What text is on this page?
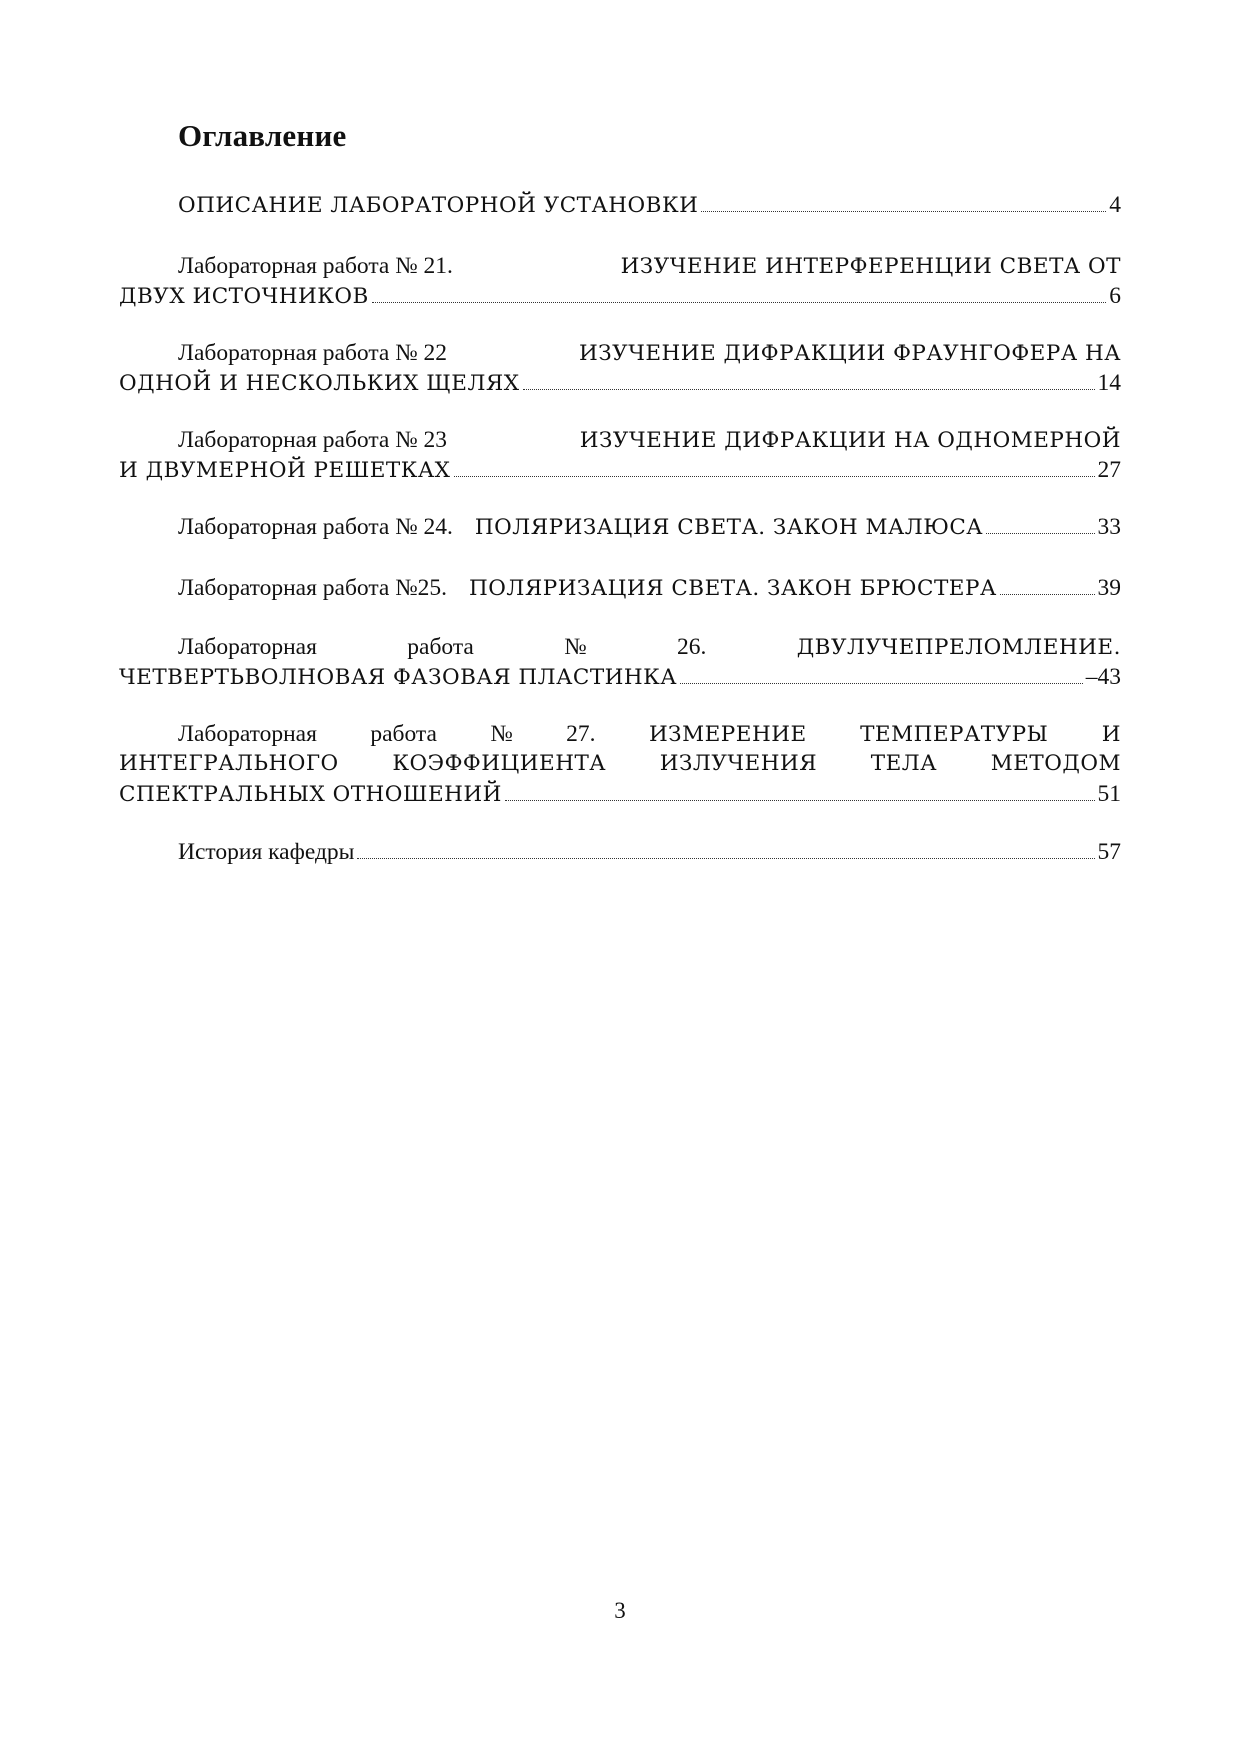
Оглавление
ОПИСАНИЕ ЛАБОРАТОРНОЙ УСТАНОВКИ	4
Лабораторная работа № 21.	ИЗУЧЕНИЕ ИНТЕРФЕРЕНЦИИ СВЕТА ОТ
ДВУХ ИСТОЧНИКОВ	6
Лабораторная работа № 22	ИЗУЧЕНИЕ ДИФРАКЦИИ ФРАУНГОФЕРА НА
ОДНОЙ И НЕСКОЛЬКИХ ЩЕЛЯХ	14
Лабораторная работа № 23	ИЗУЧЕНИЕ ДИФРАКЦИИ НА ОДНОМЕРНОЙ
И ДВУМЕРНОЙ РЕШЕТКАХ	27
Лабораторная работа № 24. ПОЛЯРИЗАЦИЯ СВЕТА. ЗАКОН МАЛЮСА	33
Лабораторная работа №25. ПОЛЯРИЗАЦИЯ СВЕТА. ЗАКОН БРЮСТЕРА	39
Лабораторная	работа	№	26.	ДВУЛУЧЕПРЕЛОМЛЕНИЕ.
ЧЕТВЕРТЬВОЛНОВАЯ ФАЗОВАЯ ПЛАСТИНКА	–43
Лабораторная работа № 27. ИЗМЕРЕНИЕ ТЕМПЕРАТУРЫ И
ИНТЕГРАЛЬНОГО КОЭФФИЦИЕНТА ИЗЛУЧЕНИЯ ТЕЛА МЕТОДОМ
СПЕКТРАЛЬНЫХ ОТНОШЕНИЙ	51
История кафедры	57
3
